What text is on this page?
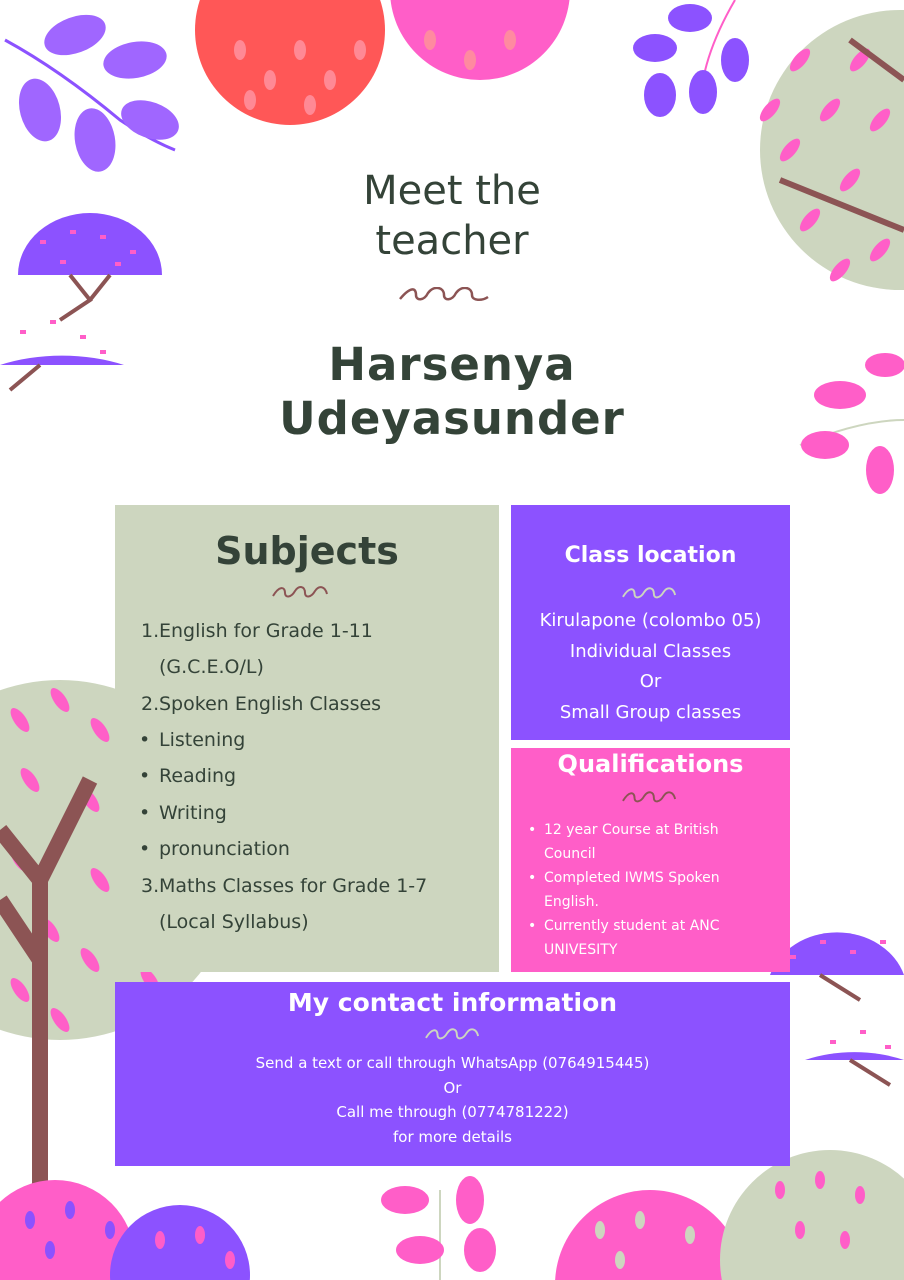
Meet the
teacher
Harsenya
Udeyasunder
Subjects
1. English for Grade 1-11
(G.C.E.O/L)
2. Spoken English Classes
• Listening
• Reading
• Writing
• pronunciation
3. Maths Classes for Grade 1-7
(Local Syllabus)
Class location
Kirulapone (colombo 05)
Individual Classes
Or
Small Group classes
Qualifications
• 12 year Course at British
Council
• Completed IWMS Spoken
English.
• Currently student at ANC
UNIVESITY
My contact information
Send a text or call through WhatsApp (0764915445)
Or
Call me through (0774781222)
for more details
